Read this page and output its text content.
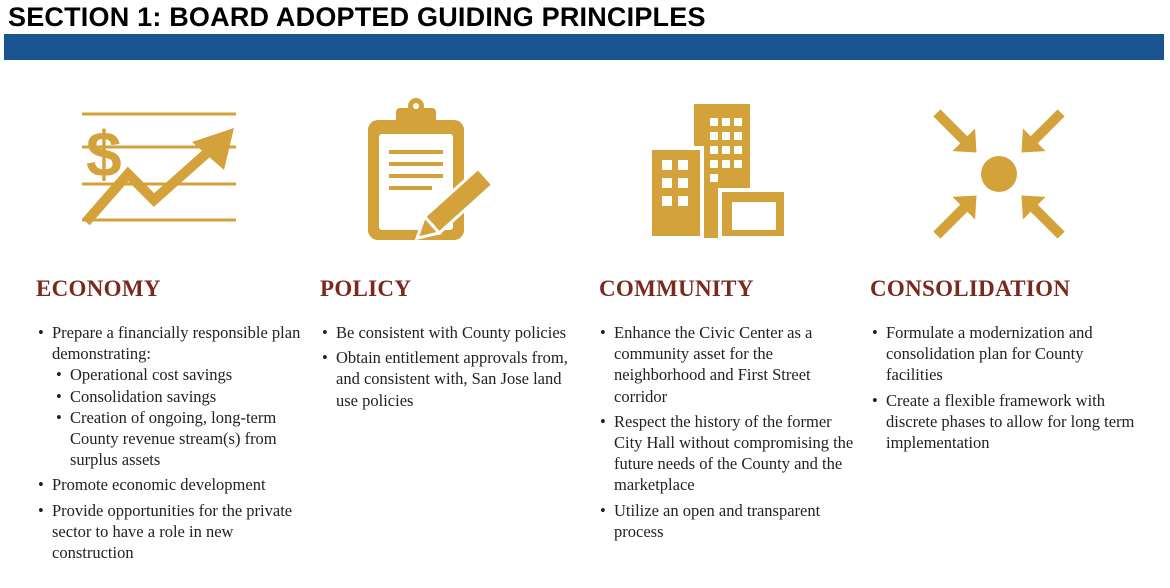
SECTION 1: BOARD ADOPTED GUIDING PRINCIPLES
$
ECONOMY
• Prepare a financially responsible plan demonstrating:
• Operational cost savings
• Consolidation savings
• Creation of ongoing, long-term County revenue stream(s) from surplus assets
• Promote economic development
• Provide opportunities for the private sector to have a role in new construction
POLICY
• Be consistent with County policies
• Obtain entitlement approvals from, and consistent with, San Jose land use policies
COMMUNITY
• Enhance the Civic Center as a community asset for the neighborhood and First Street corridor
• Respect the history of the former City Hall without compromising the future needs of the County and the marketplace
• Utilize an open and transparent process
CONSOLIDATION
• Formulate a modernization and consolidation plan for County facilities
• Create a flexible framework with discrete phases to allow for long term implementation
